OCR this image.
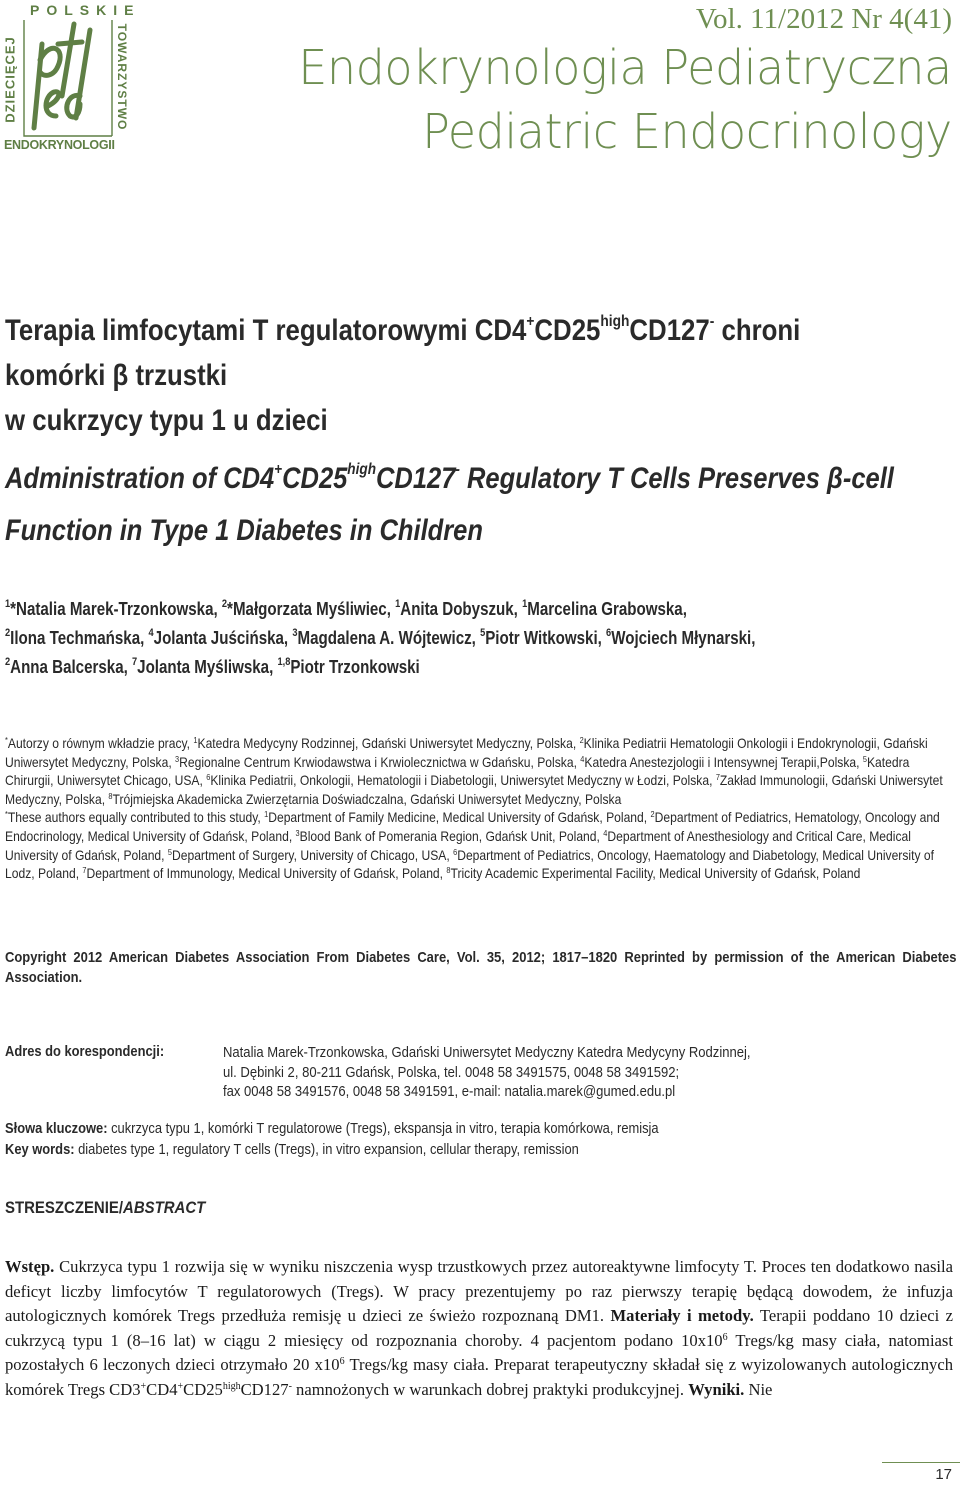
POLSKIE
DZIECIĘCEJ	TOWARZYSTWO
ENDOKRYNOLOGII
Vol. 11/2012 Nr 4(41)
Endokrynologia Pediatryczna
Pediatric Endocrinology
Terapia limfocytami T regulatorowymi $CD4^+CD25^{high}CD127^-$ chroni komórki β trzustki
w cukrzycy typu 1 u dzieci
Administration of $CD4^+CD25^{high}CD127^-$ Regulatory T Cells Preserves β-cell
Function in Type 1 Diabetes in Children
$^1$*Natalia Marek-Trzonkowska, $^2$*Małgorzata Myśliwiec, $^1$Anita Dobyszuk, $^1$Marcelina Grabowska,
$^2$Ilona Techmańska, $^4$Jolanta Juścińska, $^3$Magdalena A. Wójtewicz, $^5$Piotr Witkowski, $^6$Wojciech Młynarski,
$^2$Anna Balcerska, $^7$Jolanta Myśliwska, $^{1,8}$Piotr Trzonkowski

*Autorzy o równym wkładzie pracy, $^1$Katedra Medycyny Rodzinnej, Gdański Uniwersytet Medyczny, Polska, $^2$Klinika Pediatrii Hematologii Onkologii i Endokrynologii, Gdański Uniwersytet Medyczny, Polska, $^3$Regionalne Centrum Krwiodawstwa i Krwiolecznictwa w Gdańsku, Polska, $^4$Katedra Anestezjologii i Intensywnej Terapii,Polska, $^5$Katedra Chirurgii, Uniwersytet Chicago, USA, $^6$Klinika Pediatrii, Onkologii, Hematologii i Diabetologii, Uniwersytet Medyczny w Łodzi, Polska, $^7$Zakład Immunologii, Gdański Uniwersytet Medyczny, Polska, $^8$Trójmiejska Akademicka Zwierzętarnia Doświadczalna, Gdański Uniwersytet Medyczny, Polska

*These authors equally contributed to this study, $^1$Department of Family Medicine, Medical University of Gdańsk, Poland, $^2$Department of Pediatrics, Hematology, Oncology and Endocrinology, Medical University of Gdańsk, Poland, $^3$Blood Bank of Pomerania Region, Gdańsk Unit, Poland, $^4$Department of Anesthesiology and Critical Care, Medical University of Gdańsk, Poland, $^5$Department of Surgery, University of Chicago, USA, $^6$Department of Pediatrics, Oncology, Haematology and Diabetology, Medical University of Lodz, Poland, $^7$Department of Immunology, Medical University of Gdańsk, Poland, $^8$Tricity Academic Experimental Facility, Medical University of Gdańsk, Poland

Copyright 2012 American Diabetes Association From Diabetes Care, Vol. 35, 2012; 1817–1820 Reprinted by permission of the American Diabetes Association.
Adres do korespondencji:	Natalia Marek-Trzonkowska, Gdański Uniwersytet Medyczny Katedra Medycyny Rodzinnej,
ul. Dębinki 2, 80-211 Gdańsk, Polska, tel. 0048 58 3491575, 0048 58 3491592;
fax 0048 58 3491576, 0048 58 3491591, e-mail: natalia.marek@gumed.edu.pl
Słowa kluczowe: cukrzyca typu 1, komórki T regulatorowe (Tregs), ekspansja in vitro, terapia komórkowa, remisja
Key words: diabetes type 1, regulatory T cells (Tregs), in vitro expansion, cellular therapy, remission
STRESZCZENIE/ABSTRACT
Wstęp. Cukrzyca typu 1 rozwija się w wyniku niszczenia wysp trzustkowych przez autoreaktywne limfocyty T. Proces ten dodatkowo nasila deficyt liczby limfocytów T regulatorowych (Tregs). W pracy prezentujemy po raz pierwszy terapię będącą dowodem, że infuzja autologicznych komórek Tregs przedłuża remisję u dzieci ze świeżo rozpoznaną DM1. Materiały i metody. Terapii poddano 10 dzieci z cukrzycą typu 1 (8–16 lat) w ciągu 2 miesięcy od rozpoznania choroby. 4 pacjentom podano $10x10^6$ Tregs/kg masy ciała, natomiast pozostałych 6 leczonych dzieci otrzymało 20 $x10^6$ Tregs/kg masy ciała. Preparat terapeutyczny składał się z wyizolowanych autologicznych komórek Tregs $CD3^+CD4^+CD25^{high}CD127^-$ namnożonych w warunkach dobrej praktyki produkcyjnej. Wyniki. Nie
17
